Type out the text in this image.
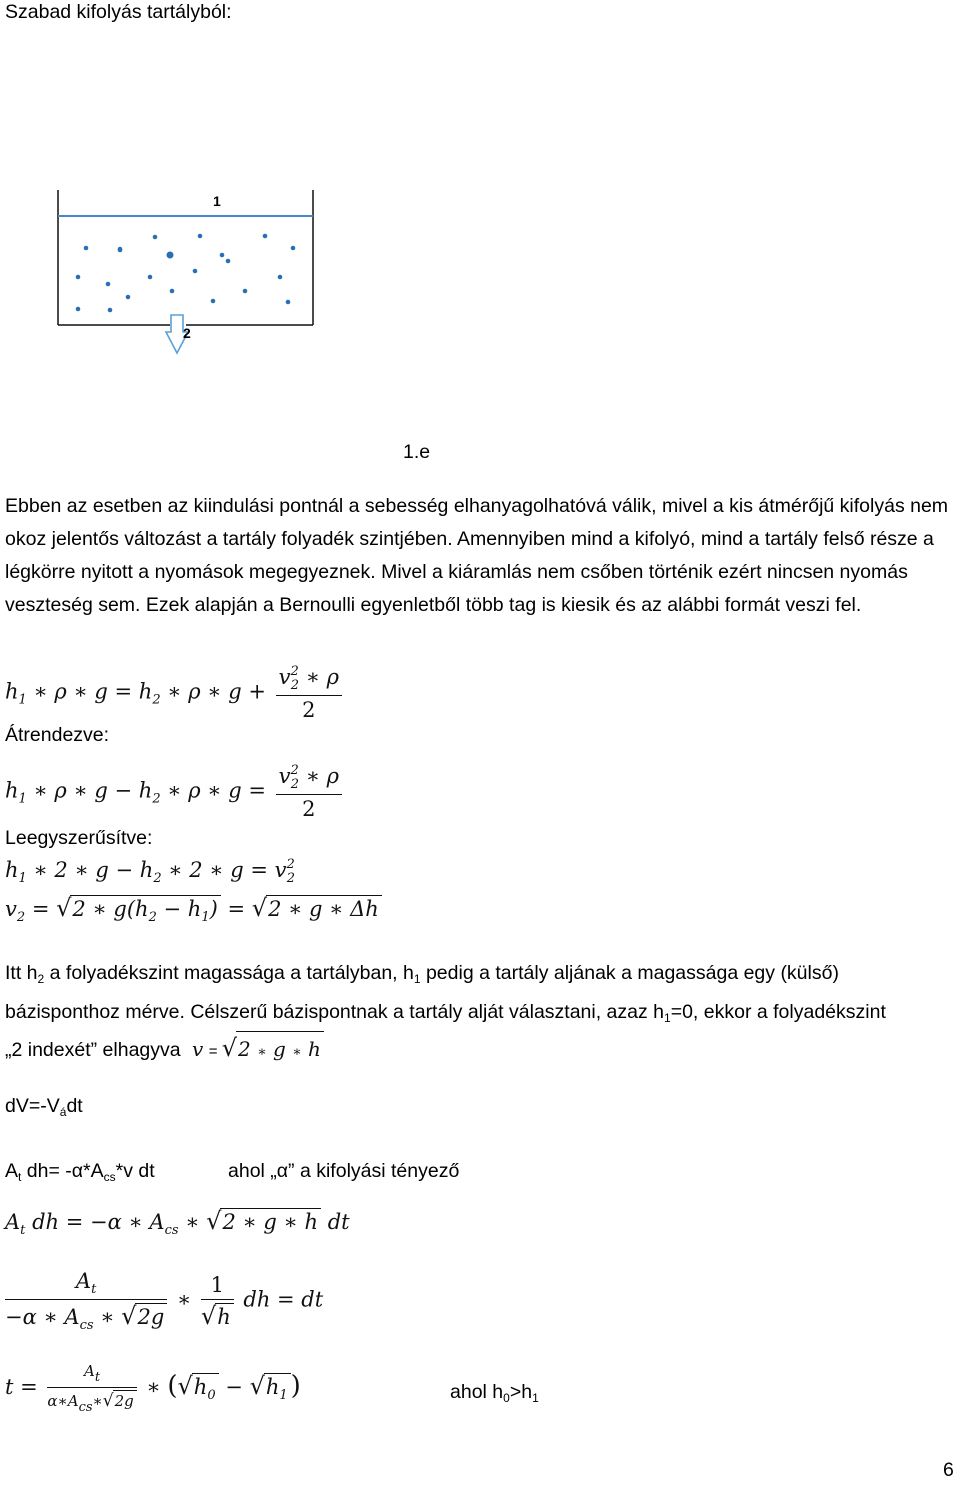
Szabad kifolyás tartályból:
1
2
1.e
Ebben az esetben az kiindulási pontnál a sebesség elhanyagolhatóvá válik, mivel a kis átmérőjű kifolyás nem okoz jelentős változást a tartály folyadék szintjében. Amennyiben mind a kifolyó, mind a tartály felső része a légkörre nyitott a nyomások megegyeznek. Mivel a kiáramlás nem csőben történik ezért nincsen nyomás veszteség sem. Ezek alapján a Bernoulli egyenletből több tag is kiesik és az alábbi formát veszi fel.
$h_1$ ∗ ρ ∗ $g = h_2$ ∗ ρ ∗ $g + \frac{v^2_2 ∗ \rho}{2}$
Átrendezve:
$h_1$ ∗ ρ ∗ $g - h_2$ ∗ ρ ∗ $g = \frac{v^2_2 ∗ \rho}{2}$
Leegyszerűsítve:
$h_1$ ∗ 2 ∗ $g - h_2$ ∗ 2 ∗ $g = v^2_2$
$v_2 = √2$ ∗ $g(h_2 - h_1) = √2$ ∗ g ∗ Δh
Itt $h_2$ a folyadékszint magassága a tartályban, $h_1$ pedig a tartály aljának a magassága egy (külső) bázisponthoz mérve. Célszerű bázispontnak a tartály alját választani, azaz $h_1=0$, ekkor a folyadékszint
„2 indexét” elhagyva v = √2 ∗ g ∗ h
$dV=-V_ádt$
$A_t$ $dh= -\alpha*A_{cs}*v$ dt	ahol „α” a kifolyási tényező
$A_t$ dh = −α ∗ $A_{cs}$ ∗ √2 ∗ g ∗ h dt
$\frac{A_t}{-\alpha ∗ A_{cs} ∗ √2g}$ ∗ $\frac{1}{√h}$ dh = dt
$t = \frac{At}{\text{α∗Acs∗√2g}}$ ∗ ($√h_0 - √h_1$ )	ahol $h_0>h_1$
6
